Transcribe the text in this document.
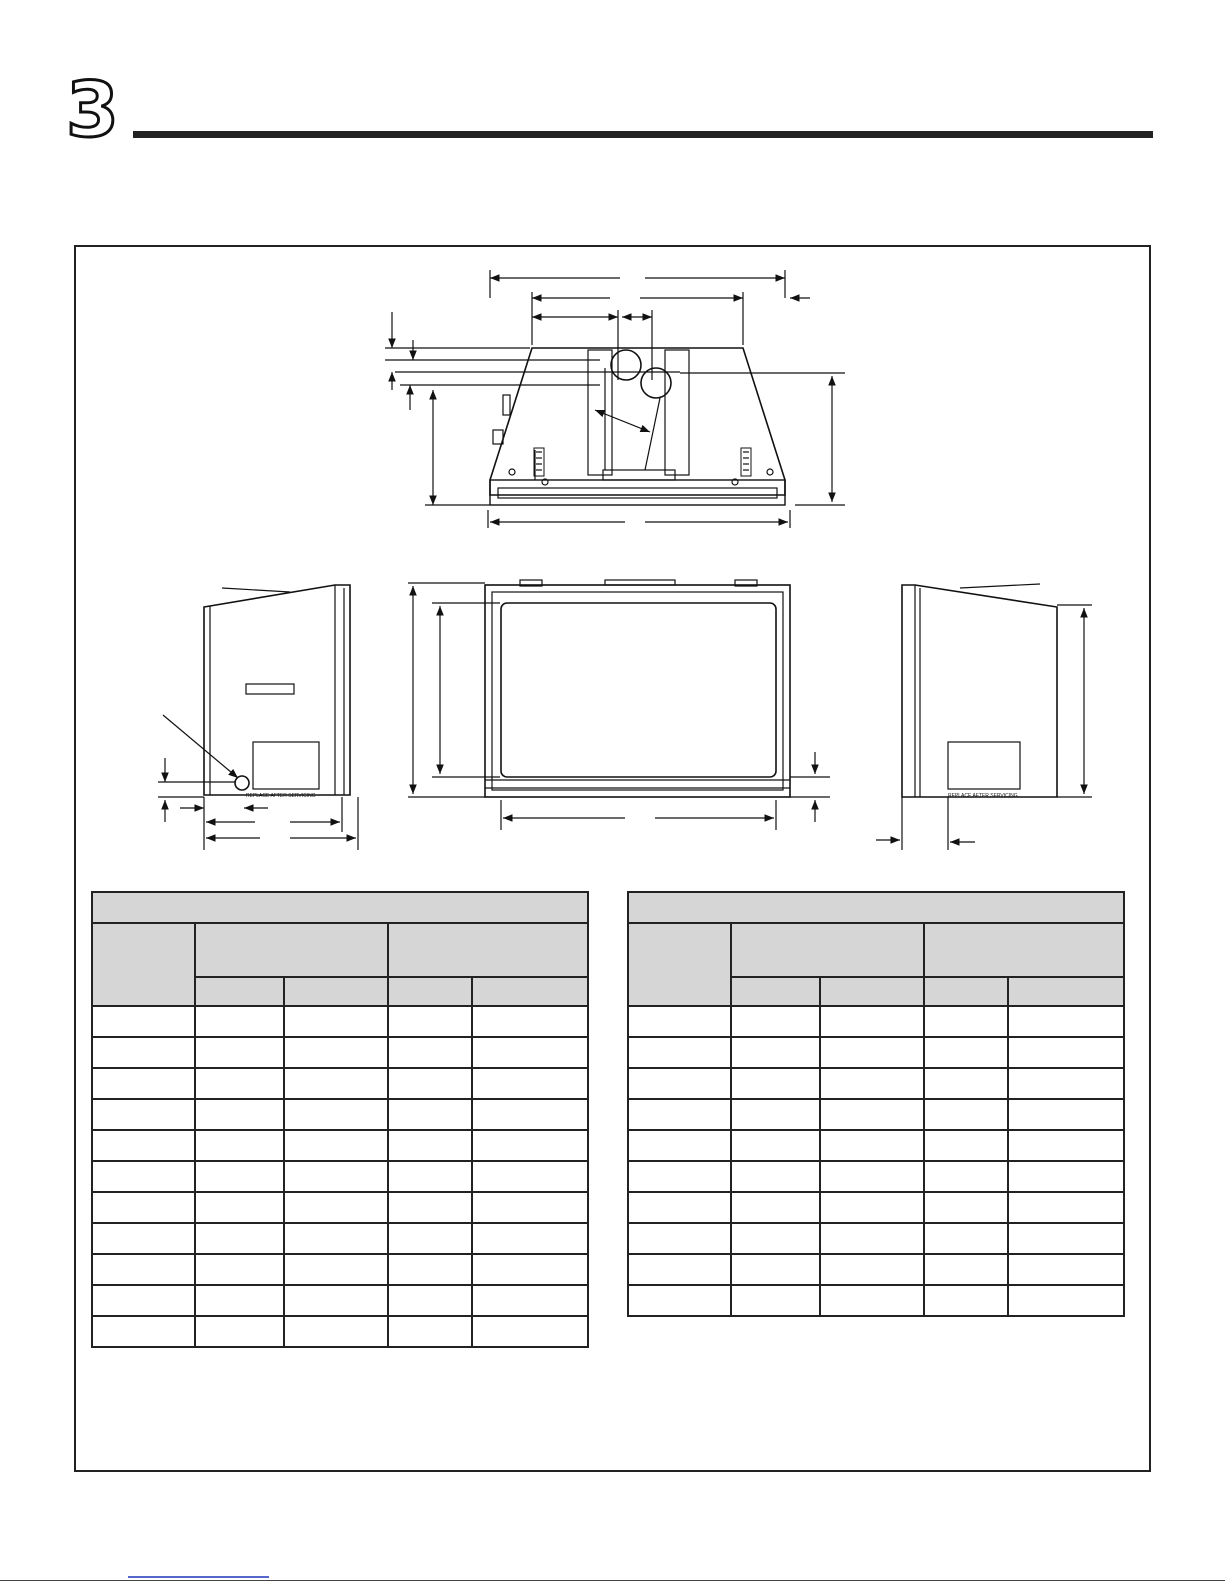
3
REPLACE AFTER SERVICING	REPLACE AFTER SERVICING
